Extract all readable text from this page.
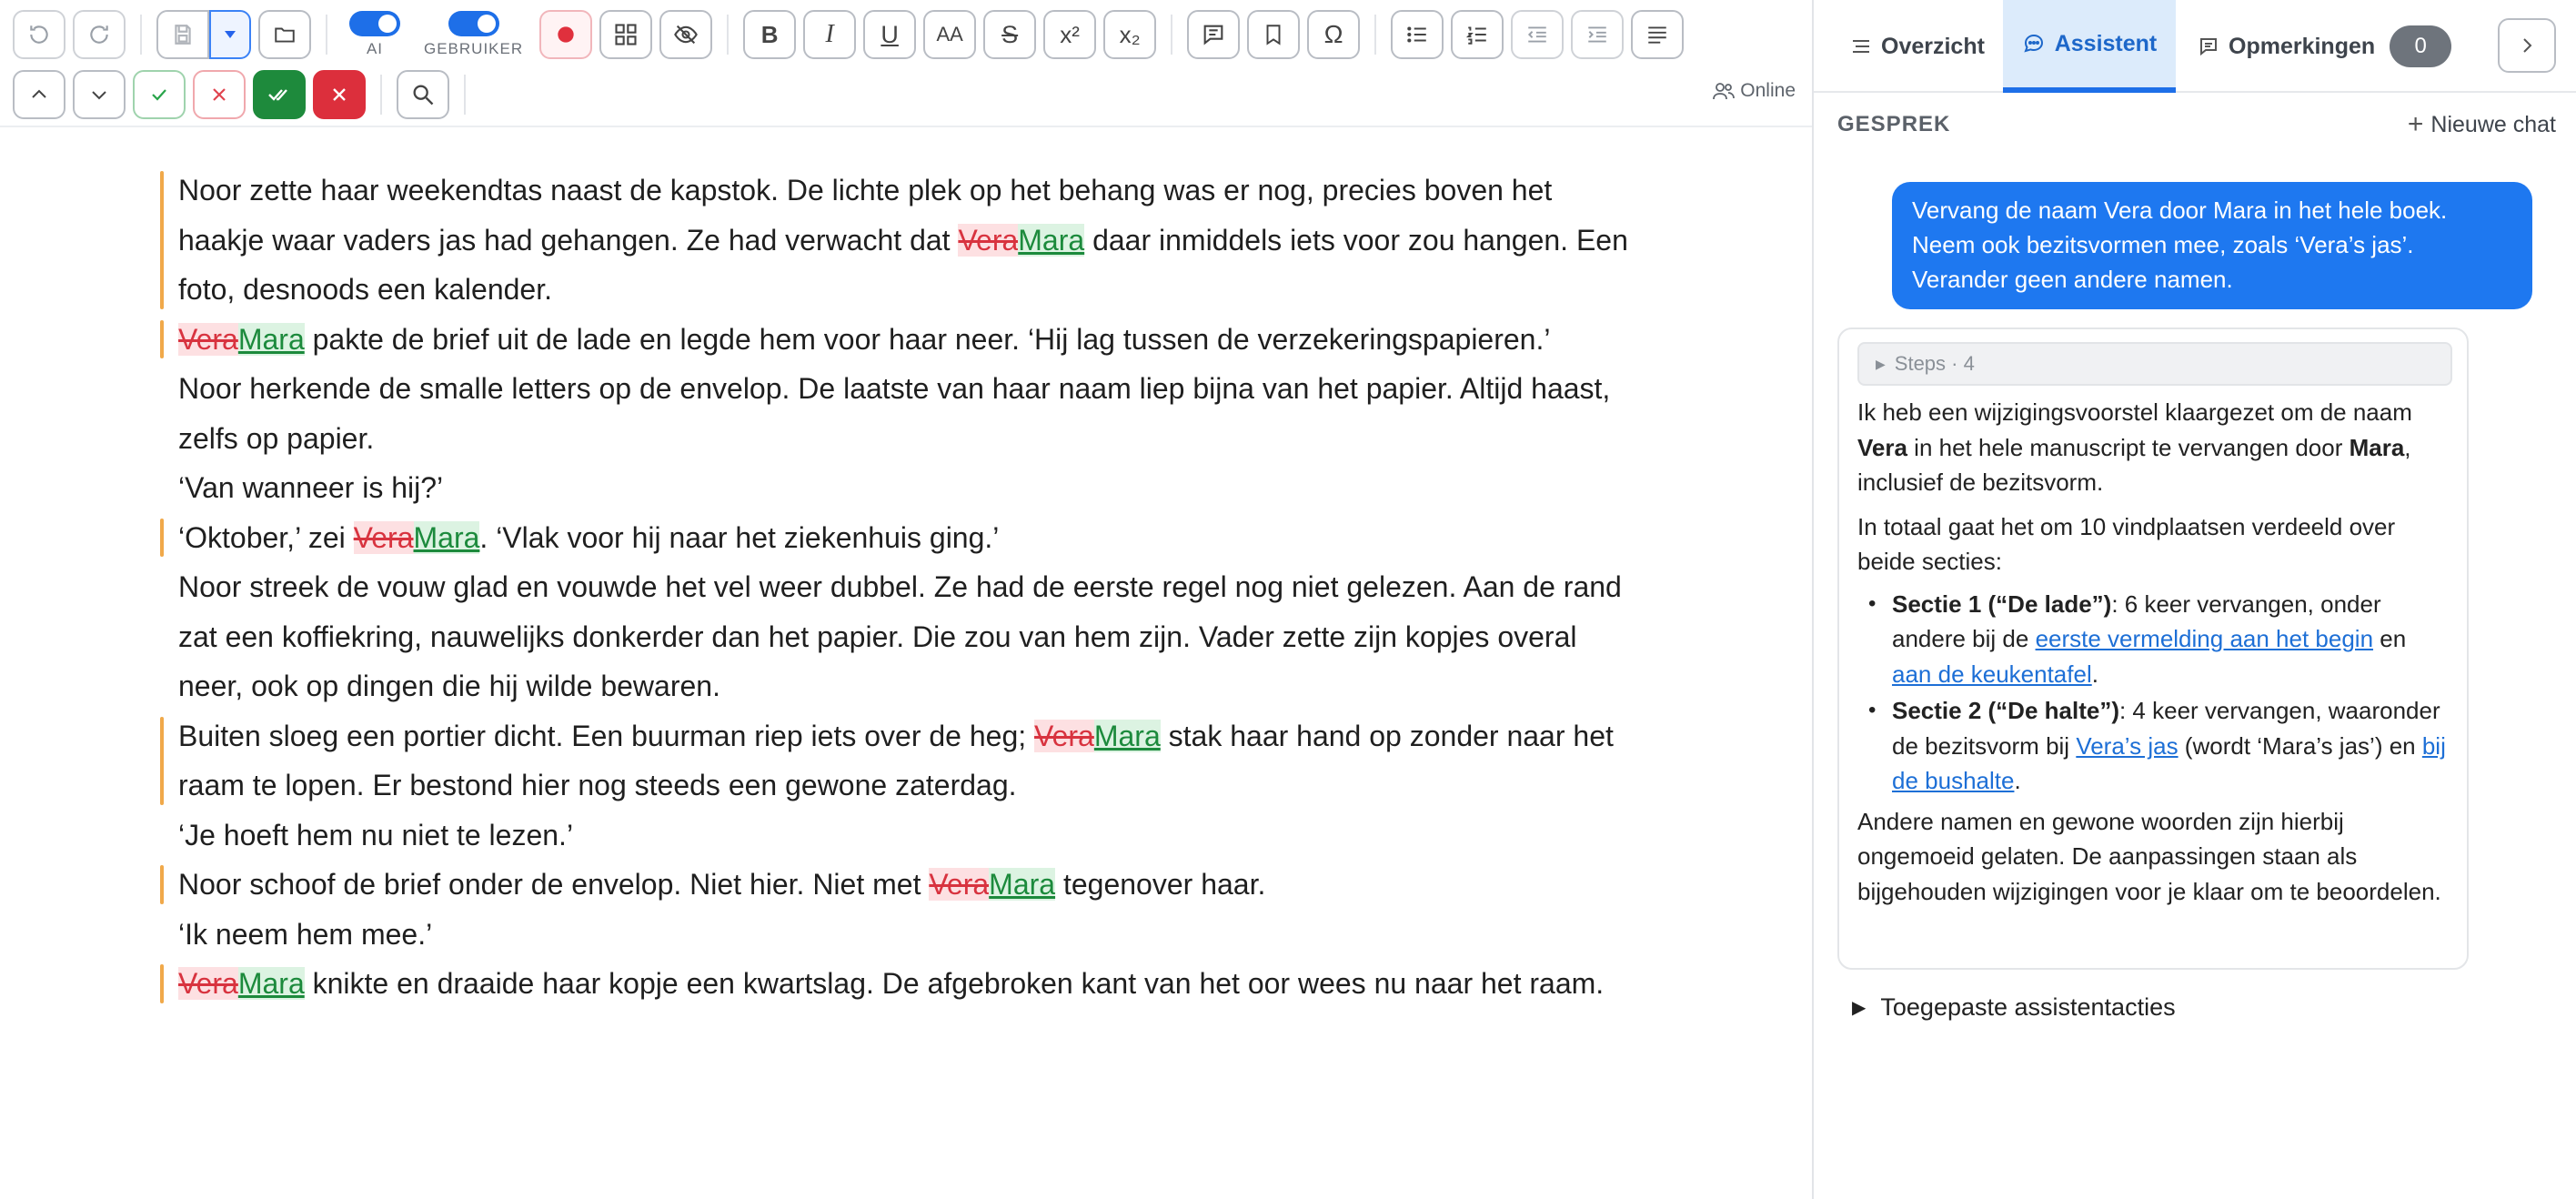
AI	GEBRUIKER
B	I	U	AA	S	x²	x₂	Ω
Online

Noor zette haar weekendtas naast de kapstok. De lichte plek op het behang was er nog, precies boven het haakje waar vaders jas had gehangen. Ze had verwacht dat VeraMara daar inmiddels iets voor zou hangen. Een foto, desnoods een kalender.

VeraMara pakte de brief uit de lade en legde hem voor haar neer. ‘Hij lag tussen de verzekeringspapieren.’

Noor herkende de smalle letters op de envelop. De laatste van haar naam liep bijna van het papier. Altijd haast, zelfs op papier.

‘Van wanneer is hij?’

‘Oktober,’ zei VeraMara. ‘Vlak voor hij naar het ziekenhuis ging.’

Noor streek de vouw glad en vouwde het vel weer dubbel. Ze had de eerste regel nog niet gelezen. Aan de rand zat een koffiekring, nauwelijks donkerder dan het papier. Die zou van hem zijn. Vader zette zijn kopjes overal neer, ook op dingen die hij wilde bewaren.

Buiten sloeg een portier dicht. Een buurman riep iets over de heg; VeraMara stak haar hand op zonder naar het raam te lopen. Er bestond hier nog steeds een gewone zaterdag.

‘Je hoeft hem nu niet te lezen.’

Noor schoof de brief onder de envelop. Niet hier. Niet met VeraMara tegenover haar.

‘Ik neem hem mee.’

VeraMara knikte en draaide haar kopje een kwartslag. De afgebroken kant van het oor wees nu naar het raam.

Overzicht	Assistent	Opmerkingen	0
GESPREK	+ Nieuwe chat
Vervang de naam Vera door Mara in het hele boek. Neem ook bezitsvormen mee, zoals ‘Vera’s jas’. Verander geen andere namen.
▶ Steps · 4
Ik heb een wijzigingsvoorstel klaargezet om de naam Vera in het hele manuscript te vervangen door Mara, inclusief de bezitsvorm.
In totaal gaat het om 10 vindplaatsen verdeeld over beide secties:
• Sectie 1 (“De lade”): 6 keer vervangen, onder andere bij de eerste vermelding aan het begin en aan de keukentafel.
• Sectie 2 (“De halte”): 4 keer vervangen, waaronder de bezitsvorm bij Vera’s jas (wordt ‘Mara’s jas’) en bij de bushalte.
Andere namen en gewone woorden zijn hierbij ongemoeid gelaten. De aanpassingen staan als bijgehouden wijzigingen voor je klaar om te beoordelen.
▶ Toegepaste assistentacties
